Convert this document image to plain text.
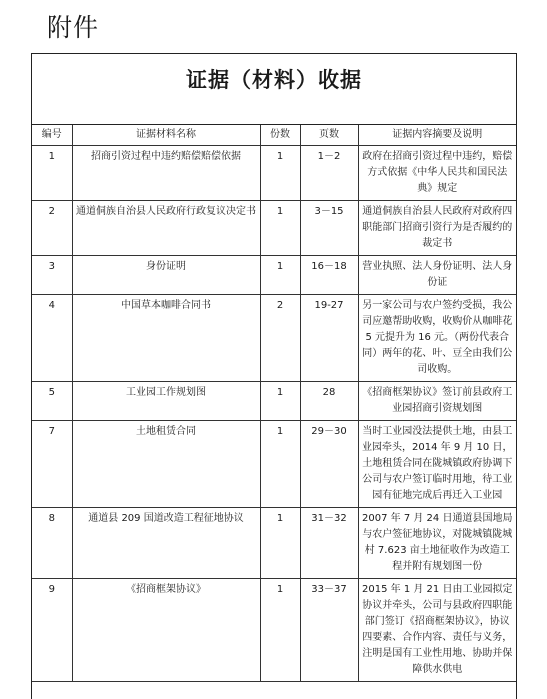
附件
证据（材料）收据
编号	证据材料名称	份数	页数	证据内容摘要及说明
1	招商引资过程中违约赔偿赔偿依据	1	1－2	政府在招商引资过程中违约，赔偿方式依据《中华人民共和国民法典》规定
2	通道侗族自治县人民政府行政复议决定书	1	3－15	通道侗族自治县人民政府对政府四职能部门招商引资行为是否履约的裁定书
3	身份证明	1	16－18	营业执照、法人身份证明、法人身份证
4	中国草本咖啡合同书	2	19-27	另一家公司与农户签约受损，我公司应邀帮助收购，收购价从咖啡花 5 元提升为 16 元。（两份代表合同）两年的花、叶、豆全由我们公司收购。
5	工业园工作规划图	1	28	《招商框架协议》签订前县政府工业园招商引资规划图
7	土地租赁合同	1	29－30	当时工业园没法提供土地，由县工业园牵头，2014 年 9 月 10 日，土地租赁合同在陇城镇政府协调下公司与农户签订临时用地，待工业园有征地完成后再迁入工业园
8	通道县 209 国道改造工程征地协议	1	31－32	2007 年 7 月 24 日通道县国地局与农户签征地协议，对陇城镇陇城村 7.623 亩土地征收作为改造工程并附有规划图一份
9	《招商框架协议》	1	33－37	2015 年 1 月 21 日由工业园拟定协议并牵头，公司与县政府四职能部门签订《招商框架协议》，协议四要素、合作内容、责任与义务，注明是国有工业性用地、协助并保障供水供电
